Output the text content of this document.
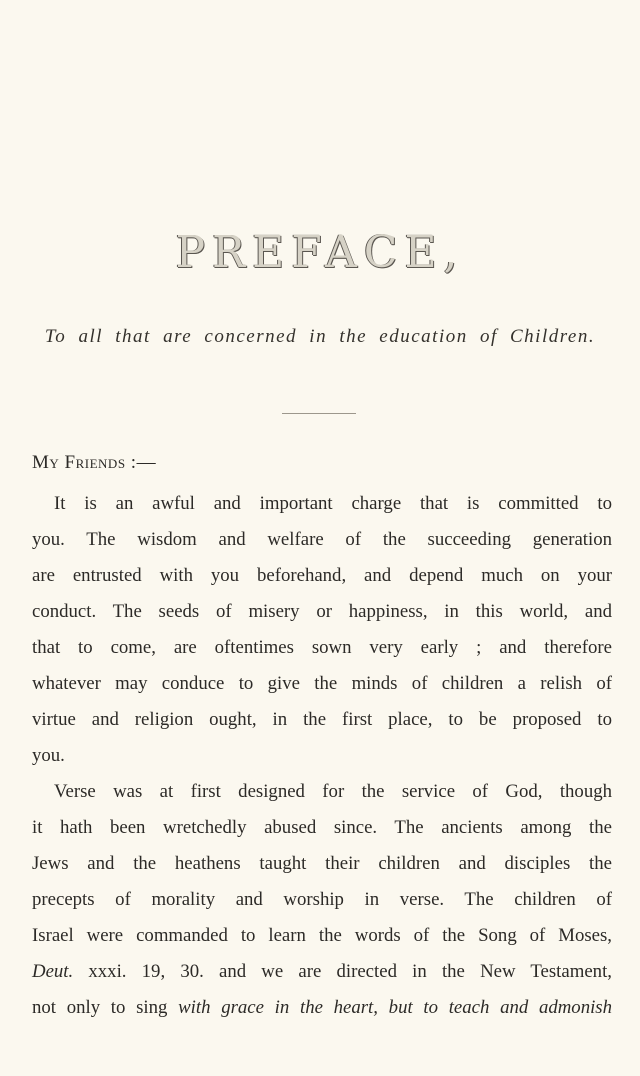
PREFACE,
To all that are concerned in the education of Children.
My Friends :—
It is an awful and important charge that is committed to
you. The wisdom and welfare of the succeeding generation
are entrusted with you beforehand, and depend much on your
conduct. The seeds of misery or happiness, in this world, and
that to come, are oftentimes sown very early ; and therefore
whatever may conduce to give the minds of children a relish of
virtue and religion ought, in the first place, to be proposed to
you.
Verse was at first designed for the service of God, though
it hath been wretchedly abused since. The ancients among the
Jews and the heathens taught their children and disciples the
precepts of morality and worship in verse. The children of
Israel were commanded to learn the words of the Song of Moses,
Deut. xxxi. 19, 30. and we are directed in the New Testament,
not only to sing with grace in the heart, but to teach and admonish
